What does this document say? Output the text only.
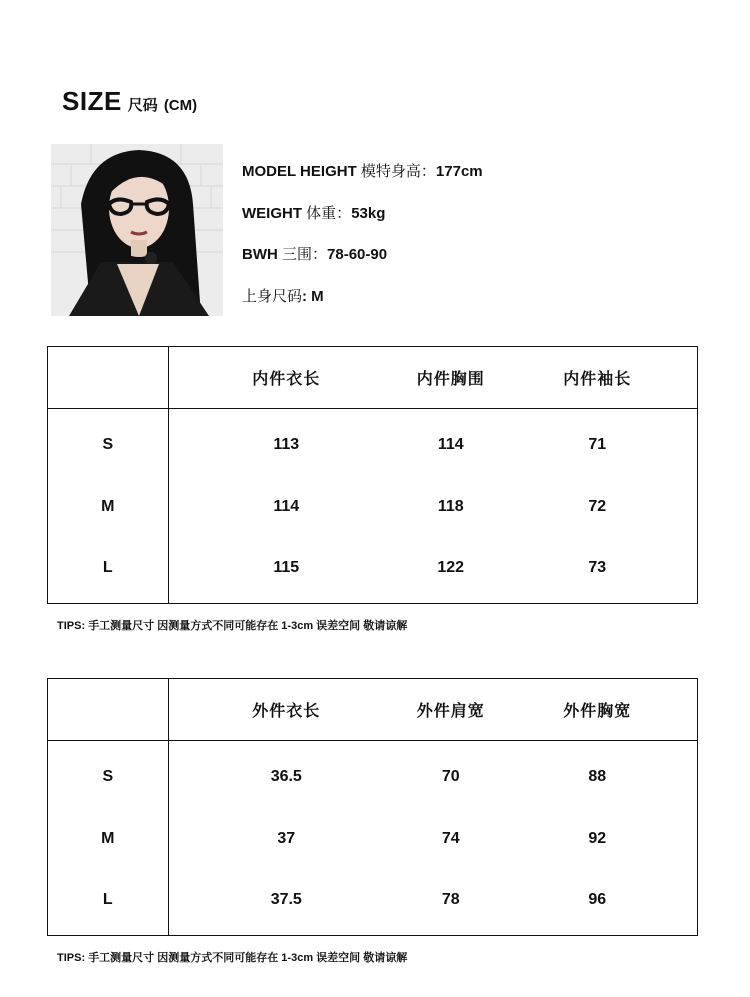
SIZE 尺码 (CM)
MODEL HEIGHT 模特身高：177cm
WEIGHT 体重：53kg
BWH 三围：78-60-90
上身尺码: M
	内件衣长	内件胸围	内件袖长
S	113	114	71
M	114	118	72
L	115	122	73
TIPS: 手工测量尺寸 因测量方式不同可能存在 1-3cm 误差空间 敬请谅解
	外件衣长	外件肩宽	外件胸宽
S	36.5	70	88
M	37	74	92
L	37.5	78	96
TIPS: 手工测量尺寸 因测量方式不同可能存在 1-3cm 误差空间 敬请谅解
